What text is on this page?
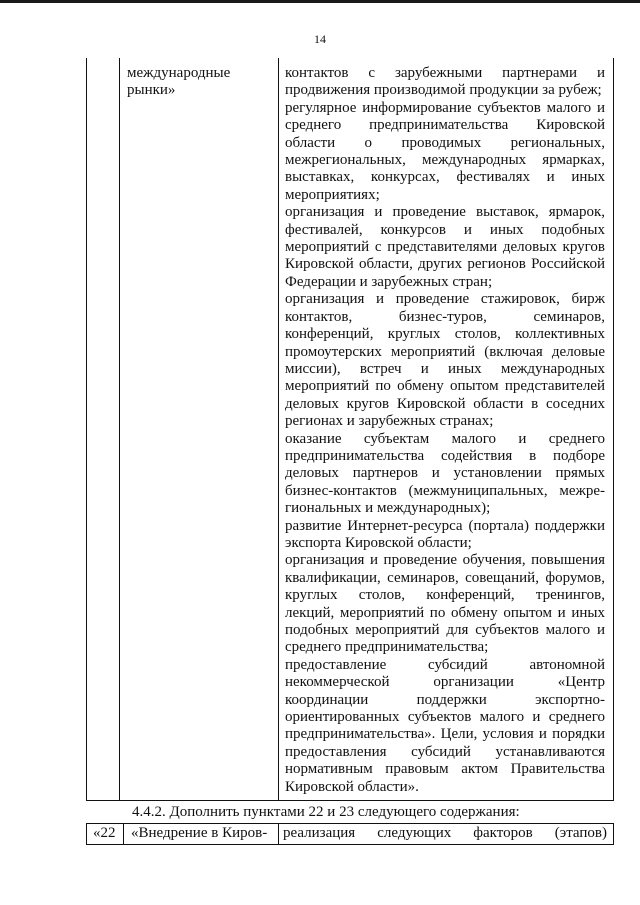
14
международные рынки»
контактов с зарубежными партнерами и продвижения производимой продукции за рубеж;
регулярное информирование субъектов малого и среднего предпринимательства Кировской области о проводимых региональных, межрегиональных, международных ярмарках, выставках, конкурсах, фестивалях и иных мероприятиях;
организация и проведение выставок, ярмарок, фестивалей, конкурсов и иных подобных мероприятий с представителями деловых кругов Кировской области, других регионов Российской Федерации и зарубежных стран;
организация и проведение стажировок, бирж контактов, бизнес-туров, семинаров, конференций, круглых столов, коллективных промоутерских мероприятий (включая деловые миссии), встреч и иных международных мероприятий по обмену опытом представителей деловых кругов Кировской области в соседних регионах и зарубежных странах;
оказание субъектам малого и среднего предпринимательства содействия в подборе деловых партнеров и установлении прямых бизнес-контактов (межмуниципальных, межре-гиональных и международных);
развитие Интернет-ресурса (портала) поддержки экспорта Кировской области;
организация и проведение обучения, повышения квалификации, семинаров, совещаний, форумов, круглых столов, конференций, тренингов, лекций, мероприятий по обмену опытом и иных подобных мероприятий для субъектов малого и среднего предпринимательства;
предоставление субсидий автономной некоммерческой организации «Центр координации поддержки экспортно-ориентированных субъектов малого и среднего предпринимательства». Цели, условия и порядки предоставления субсидий устанавливаются нормативным правовым актом Правительства Кировской области».
4.4.2. Дополнить пунктами 22 и 23 следующего содержания:
«22 «Внедрение в Киров-	реализация следующих факторов (этапов)
